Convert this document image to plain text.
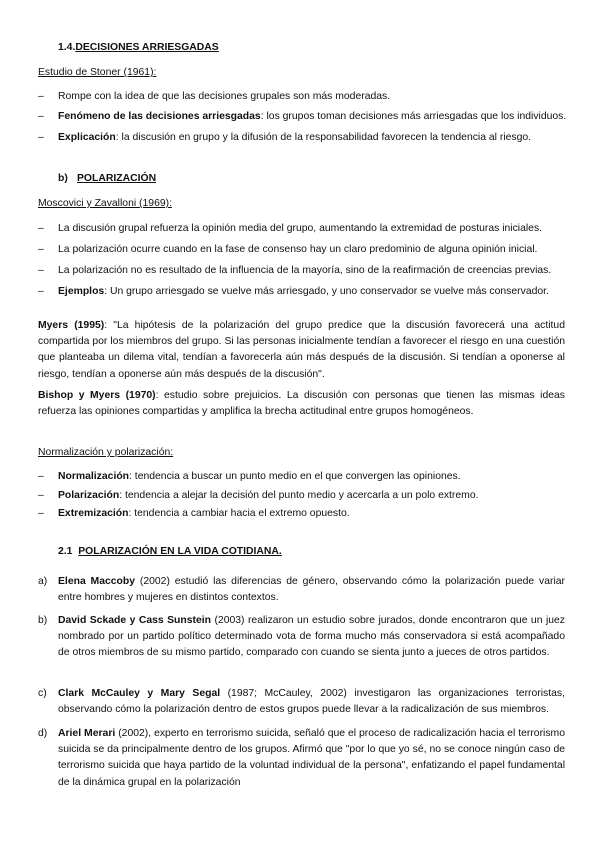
1.4.DECISIONES ARRIESGADAS
Estudio de Stoner (1961):
– Rompe con la idea de que las decisiones grupales son más moderadas.
– Fenómeno de las decisiones arriesgadas: los grupos toman decisiones más arriesgadas que los individuos.
– Explicación: la discusión en grupo y la difusión de la responsabilidad favorecen la tendencia al riesgo.
b) POLARIZACIÓN
Moscovici y Zavalloni (1969):
– La discusión grupal refuerza la opinión media del grupo, aumentando la extremidad de posturas iniciales.
– La polarización ocurre cuando en la fase de consenso hay un claro predominio de alguna opinión inicial.
– La polarización no es resultado de la influencia de la mayoría, sino de la reafirmación de creencias previas.
– Ejemplos: Un grupo arriesgado se vuelve más arriesgado, y uno conservador se vuelve más conservador.
Myers (1995): "La hipótesis de la polarización del grupo predice que la discusión favorecerá una actitud compartida por los miembros del grupo. Si las personas inicialmente tendían a favorecer el riesgo en una cuestión que planteaba un dilema vital, tendían a favorecerla aún más después de la discusión. Si tendían a oponerse al riesgo, tendían a oponerse aún más después de la discusión".
Bishop y Myers (1970): estudio sobre prejuicios. La discusión con personas que tienen las mismas ideas refuerza las opiniones compartidas y amplifica la brecha actitudinal entre grupos homogéneos.
Normalización y polarización:
– Normalización: tendencia a buscar un punto medio en el que convergen las opiniones.
– Polarización: tendencia a alejar la decisión del punto medio y acercarla a un polo extremo.
– Extremización: tendencia a cambiar hacia el extremo opuesto.
2.1 POLARIZACIÓN EN LA VIDA COTIDIANA.
a) Elena Maccoby (2002) estudió las diferencias de género, observando cómo la polarización puede variar entre hombres y mujeres en distintos contextos.
b) David Sckade y Cass Sunstein (2003) realizaron un estudio sobre jurados, donde encontraron que un juez nombrado por un partido político determinado vota de forma mucho más conservadora si está acompañado de otros miembros de su mismo partido, comparado con cuando se sienta junto a jueces de otros partidos.
c) Clark McCauley y Mary Segal (1987; McCauley, 2002) investigaron las organizaciones terroristas, observando cómo la polarización dentro de estos grupos puede llevar a la radicalización de sus miembros.
d) Ariel Merari (2002), experto en terrorismo suicida, señaló que el proceso de radicalización hacia el terrorismo suicida se da principalmente dentro de los grupos. Afirmó que "por lo que yo sé, no se conoce ningún caso de terrorismo suicida que haya partido de la voluntad individual de la persona", enfatizando el papel fundamental de la dinámica grupal en la polarización
